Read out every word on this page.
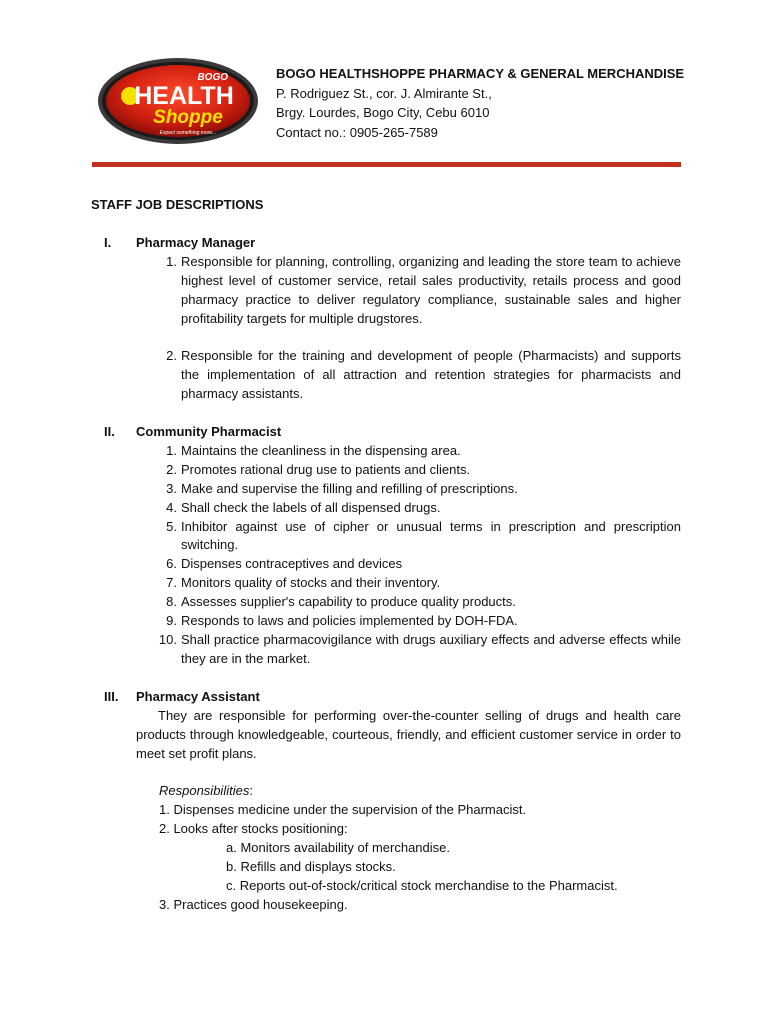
BOGO
HEALTH
Shoppe
Expect something more...
BOGO HEALTHSHOPPE PHARMACY & GENERAL MERCHANDISE
P. Rodriguez St., cor. J. Almirante St.,
Brgy. Lourdes, Bogo City, Cebu 6010
Contact no.: 0905-265-7589
STAFF JOB DESCRIPTIONS
I. Pharmacy Manager
1. Responsible for planning, controlling, organizing and leading the store team to achieve highest level of customer service, retail sales productivity, retails process and good pharmacy practice to deliver regulatory compliance, sustainable sales and higher profitability targets for multiple drugstores.
2. Responsible for the training and development of people (Pharmacists) and supports the implementation of all attraction and retention strategies for pharmacists and pharmacy assistants.
II. Community Pharmacist
1. Maintains the cleanliness in the dispensing area.
2. Promotes rational drug use to patients and clients.
3. Make and supervise the filling and refilling of prescriptions.
4. Shall check the labels of all dispensed drugs.
5. Inhibitor against use of cipher or unusual terms in prescription and prescription switching.
6. Dispenses contraceptives and devices
7. Monitors quality of stocks and their inventory.
8. Assesses supplier's capability to produce quality products.
9. Responds to laws and policies implemented by DOH-FDA.
10. Shall practice pharmacovigilance with drugs auxiliary effects and adverse effects while they are in the market.
III. Pharmacy Assistant
They are responsible for performing over-the-counter selling of drugs and health care products through knowledgeable, courteous, friendly, and efficient customer service in order to meet set profit plans.
Responsibilities:
1. Dispenses medicine under the supervision of the Pharmacist.
2. Looks after stocks positioning:
a. Monitors availability of merchandise.
b. Refills and displays stocks.
c. Reports out-of-stock/critical stock merchandise to the Pharmacist.
3. Practices good housekeeping.
